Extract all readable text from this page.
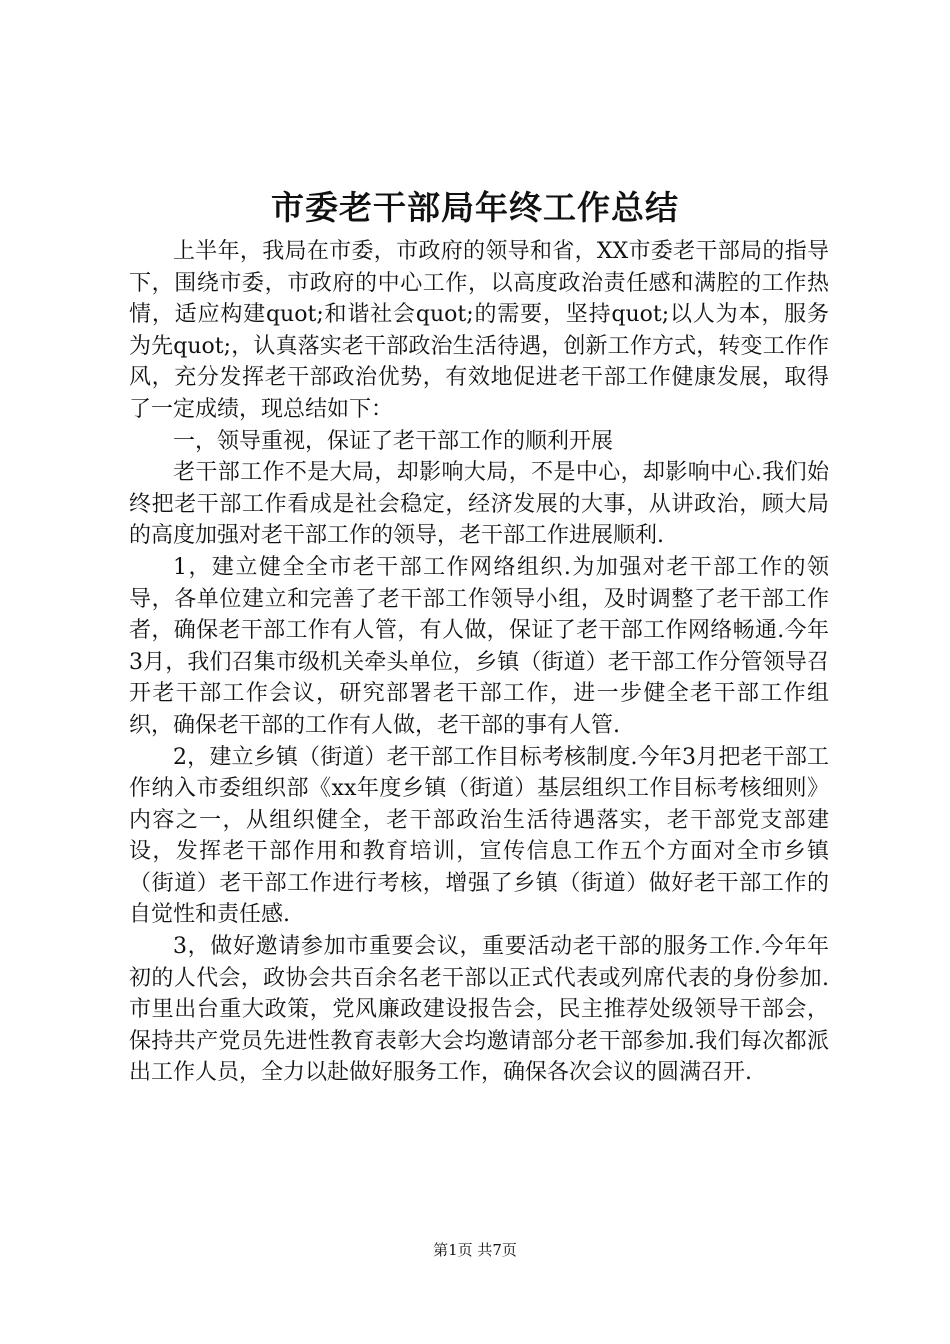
市委老干部局年终工作总结

上半年，我局在市委，市政府的领导和省，XX市委老干部局的指导下，围绕市委，市政府的中心工作，以高度政治责任感和满腔的工作热情，适应构建quot;和谐社会quot;的需要，坚持quot;以人为本，服务为先quot;，认真落实老干部政治生活待遇，创新工作方式，转变工作作风，充分发挥老干部政治优势，有效地促进老干部工作健康发展，取得了一定成绩，现总结如下：

一，领导重视，保证了老干部工作的顺利开展

老干部工作不是大局，却影响大局，不是中心，却影响中心.我们始终把老干部工作看成是社会稳定，经济发展的大事，从讲政治，顾大局的高度加强对老干部工作的领导，老干部工作进展顺利.

1，建立健全全市老干部工作网络组织.为加强对老干部工作的领导，各单位建立和完善了老干部工作领导小组，及时调整了老干部工作者，确保老干部工作有人管，有人做，保证了老干部工作网络畅通.今年3月，我们召集市级机关牵头单位，乡镇（街道）老干部工作分管领导召开老干部工作会议，研究部署老干部工作，进一步健全老干部工作组织，确保老干部的工作有人做，老干部的事有人管.

2，建立乡镇（街道）老干部工作目标考核制度.今年3月把老干部工作纳入市委组织部《xx年度乡镇（街道）基层组织工作目标考核细则》内容之一，从组织健全，老干部政治生活待遇落实，老干部党支部建设，发挥老干部作用和教育培训，宣传信息工作五个方面对全市乡镇（街道）老干部工作进行考核，增强了乡镇（街道）做好老干部工作的自觉性和责任感.

3，做好邀请参加市重要会议，重要活动老干部的服务工作.今年年初的人代会，政协会共百余名老干部以正式代表或列席代表的身份参加.市里出台重大政策，党风廉政建设报告会，民主推荐处级领导干部会，保持共产党员先进性教育表彰大会均邀请部分老干部参加.我们每次都派出工作人员，全力以赴做好服务工作，确保各次会议的圆满召开.

第1页 共7页
